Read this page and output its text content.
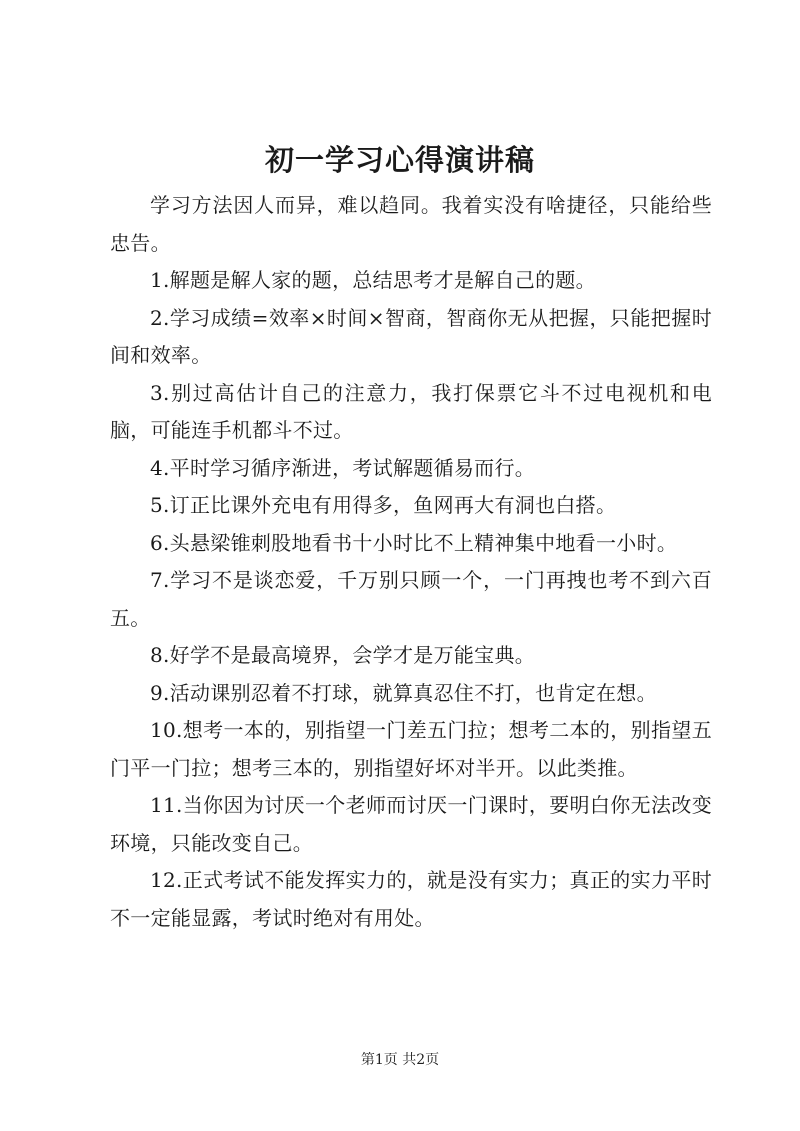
初一学习心得演讲稿

学习方法因人而异，难以趋同。我着实没有啥捷径，只能给些忠告。

1.解题是解人家的题，总结思考才是解自己的题。

2.学习成绩=效率×时间×智商，智商你无从把握，只能把握时间和效率。

3.别过高估计自己的注意力，我打保票它斗不过电视机和电脑，可能连手机都斗不过。

4.平时学习循序渐进，考试解题循易而行。

5.订正比课外充电有用得多，鱼网再大有洞也白搭。

6.头悬梁锥刺股地看书十小时比不上精神集中地看一小时。

7.学习不是谈恋爱，千万别只顾一个，一门再拽也考不到六百五。

8.好学不是最高境界，会学才是万能宝典。

9.活动课别忍着不打球，就算真忍住不打，也肯定在想。

10.想考一本的，别指望一门差五门拉；想考二本的，别指望五门平一门拉；想考三本的，别指望好坏对半开。以此类推。

11.当你因为讨厌一个老师而讨厌一门课时，要明白你无法改变环境，只能改变自己。

12.正式考试不能发挥实力的，就是没有实力；真正的实力平时不一定能显露，考试时绝对有用处。

第1页 共2页
